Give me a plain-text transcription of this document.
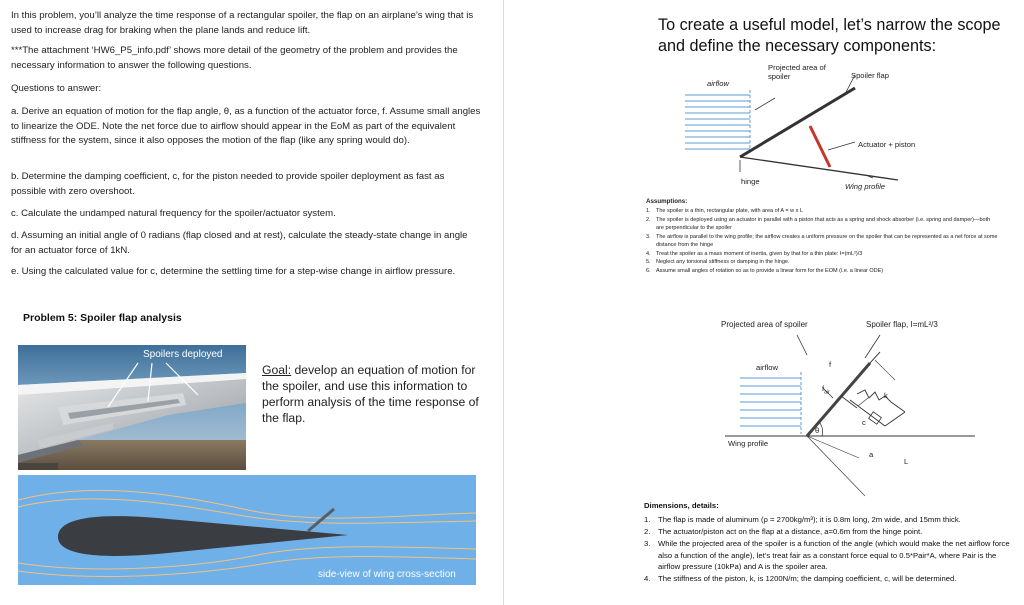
In this problem, you’ll analyze the time response of a rectangular spoiler, the flap on an airplane’s wing that is used to increase drag for braking when the plane lands and reduce lift.
***The attachment ‘HW6_P5_info.pdf’ shows more detail of the geometry of the problem and provides the necessary information to answer the following questions.
Questions to answer:
a. Derive an equation of motion for the flap angle, θ, as a function of the actuator force, f. Assume small angles to linearize the ODE. Note the net force due to airflow should appear in the EoM as part of the equivalent stiffness for the system, since it also opposes the motion of the flap (like any spring would do).
b. Determine the damping coefficient, c, for the piston needed to provide spoiler deployment as fast as possible with zero overshoot.
c. Calculate the undamped natural frequency for the spoiler/actuator system.
d. Assuming an initial angle of 0 radians (flap closed and at rest), calculate the steady-state change in angle for an actuator force of 1kN.
e. Using the calculated value for c, determine the settling time for a step-wise change in airflow pressure.
Problem 5: Spoiler flap analysis
Spoilers deployed
Goal: develop an equation of motion for the spoiler, and use this information to perform analysis of the time response of the flap.
side-view of wing cross-section
To create a useful model, let’s narrow the scope
and define the necessary components:
Projected area of
spoiler	Spoiler flap
airflow
Actuator + piston
hinge
Wing profile
Assumptions:
1. The spoiler is a thin, rectangular plate, with area of A = w x L
2. The spoiler is deployed using an actuator in parallel with a piston that acts as a spring and shock absorber (i.e. spring and damper)—both are perpendicular to the spoiler
3. The airflow is parallel to the wing profile; the airflow creates a uniform pressure on the spoiler that can be represented as a net force at some distance from the hinge
4. Treat the spoiler as a mass moment of inertia, given by that for a thin plate: I=(mL²)/3
5. Neglect any torsional stiffness or damping in the hinge.
6. Assume small angles of rotation so as to provide a linear form for the EOM (i.e. a linear ODE)
Projected area of spoiler	Spoiler flap, I=mL²/3
airflow	f
$f_{air}$	k
c
θ
Wing profile
a
L
Dimensions, details:
1. The flap is made of aluminum (ρ = 2700kg/m³); it is 0.8m long, 2m wide, and 15mm thick.
2. The actuator/piston act on the flap at a distance, a=0.6m from the hinge point.
3. While the projected area of the spoiler is a function of the angle (which would make the net airflow force also a function of the angle), let’s treat fair as a constant force equal to 0.5*Pair*A, where Pair is the airflow pressure (10kPa) and A is the spoiler area.
4. The stiffness of the piston, k, is 1200N/m; the damping coefficient, c, will be determined.
